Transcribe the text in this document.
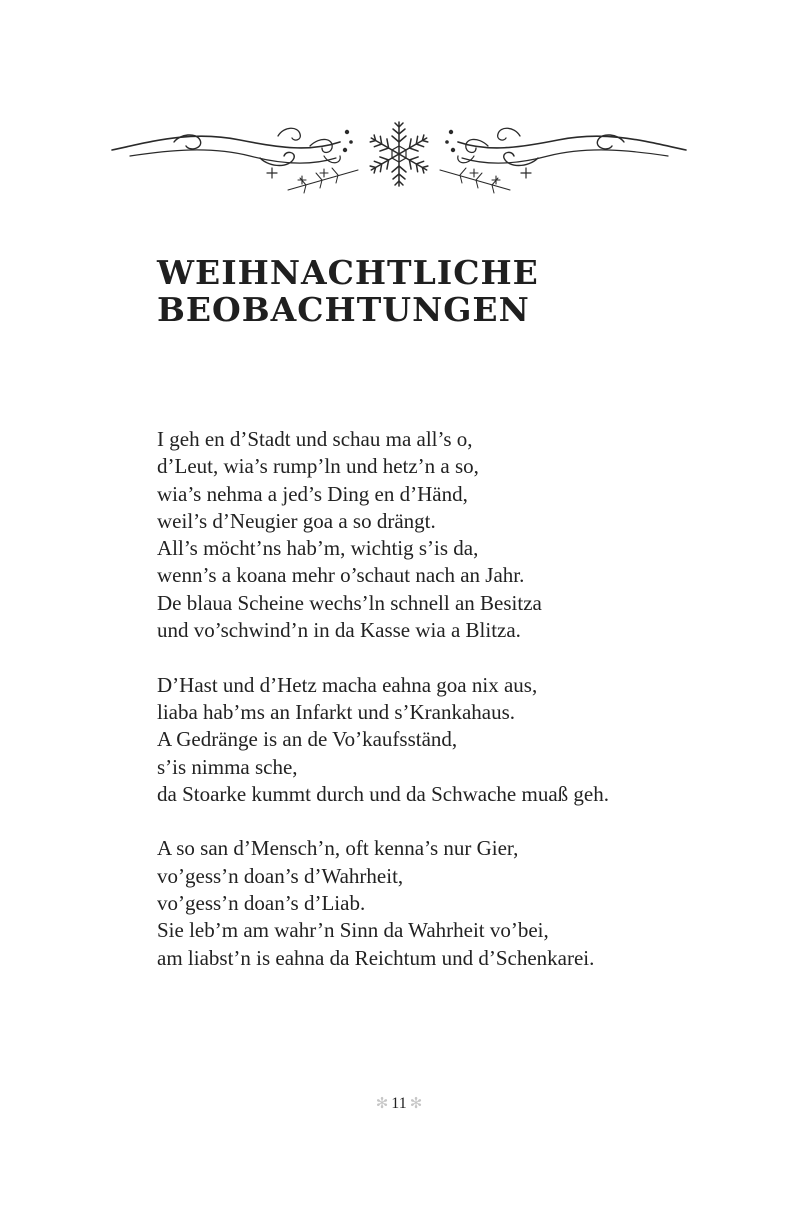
WEIHNACHTLICHE
BEOBACHTUNGEN
I geh en d’Stadt und schau ma all’s o,
d’Leut, wia’s rump’ln und hetz’n a so,
wia’s nehma a jed’s Ding en d’Händ,
weil’s d’Neugier goa a so drängt.
All’s möcht’ns hab’m, wichtig s’is da,
wenn’s a koana mehr o’schaut nach an Jahr.
De blaua Scheine wechs’ln schnell an Besitza
und vo’schwind’n in da Kasse wia a Blitza.
D’Hast und d’Hetz macha eahna goa nix aus,
liaba hab’ms an Infarkt und s’Krankahaus.
A Gedränge is an de Vo’kaufsständ,
s’is nimma sche,
da Stoarke kummt durch und da Schwache muaß geh.
A so san d’Mensch’n, oft kenna’s nur Gier,
vo’gess’n doan’s d’Wahrheit,
vo’gess’n doan’s d’Liab.
Sie leb’m am wahr’n Sinn da Wahrheit vo’bei,
am liabst’n is eahna da Reichtum und d’Schenkarei.
✻ 11 ✻
